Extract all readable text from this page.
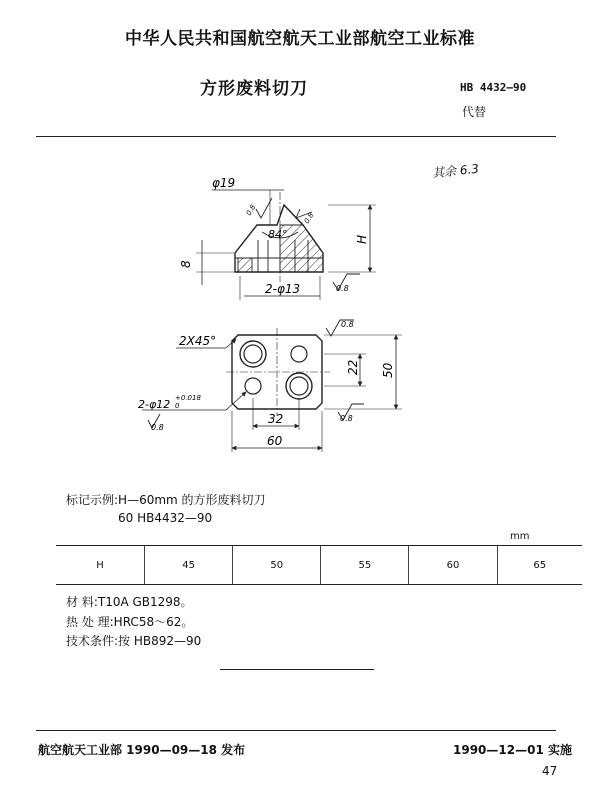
中华人民共和国航空航天工业部航空工业标准
方形废料切刀	HB 4432—90
代替
其余 6.3
φ19
84°
8
H
2-φ13
0.8
0.8
0.8
2X45°
2-φ12 +0.018
0
22 50
32
60
0.8
0.8
0.8
标记示例:H—60mm 的方形废料切刀
60 HB4432—90
mm
H	45	50	55	60	65
材 料:T10A GB1298。
热 处 理:HRC58～62。
技术条件:按 HB892—90
航空航天工业部 1990—09—18 发布	1990—12—01 实施
47
